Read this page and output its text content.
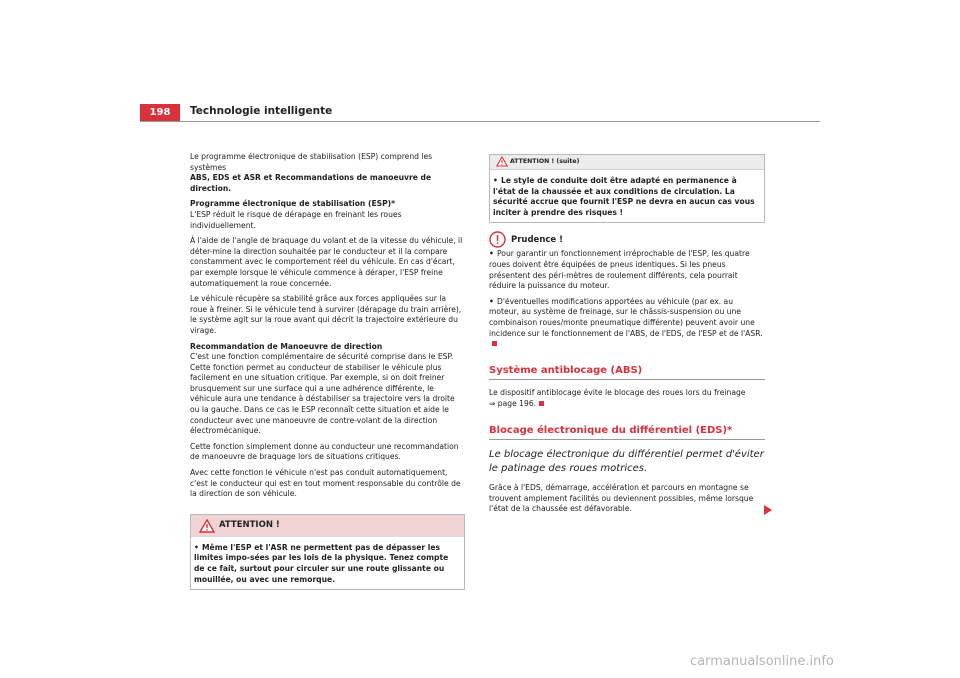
198	Technologie intelligente

Le programme électronique de stabilisation (ESP) comprend les systèmes
ABS, EDS et ASR et Recommandations de manoeuvre de direction.

Programme électronique de stabilisation (ESP)*

L'ESP réduit le risque de dérapage en freinant les roues individuellement.

À l'aide de l'angle de braquage du volant et de la vitesse du véhicule, il déter-mine la direction souhaitée par le conducteur et il la compare constamment avec le comportement réel du véhicule. En cas d'écart, par exemple lorsque le véhicule commence à déraper, l'ESP freine automatiquement la roue concernée.

Le véhicule récupère sa stabilité grâce aux forces appliquées sur la roue à freiner. Si le véhicule tend à survirer (dérapage du train arrière), le système agit sur la roue avant qui décrit la trajectoire extérieure du virage.

Recommandation de Manoeuvre de direction

C'est une fonction complémentaire de sécurité comprise dans le ESP. Cette fonction permet au conducteur de stabiliser le véhicule plus facilement en une situation critique. Par exemple, si on doit freiner brusquement sur une surface qui a une adhérence différente, le véhicule aura une tendance à déstabiliser sa trajectoire vers la droite ou la gauche. Dans ce cas le ESP reconnaît cette situation et aide le conducteur avec une manoeuvre de contre-volant de la direction électromécanique.

Cette fonction simplement donne au conducteur une recommandation de manoeuvre de braquage lors de situations critiques.

Avec cette fonction le véhicule n'est pas conduit automatiquement, c'est le conducteur qui est en tout moment responsable du contrôle de la direction de son véhicule.

ATTENTION !
• Même l'ESP et l'ASR ne permettent pas de dépasser les limites impo-sées par les lois de la physique. Tenez compte de ce fait, surtout pour circuler sur une route glissante ou mouillée, ou avec une remorque.
ATTENTION ! (suite)
• Le style de conduite doit être adapté en permanence à l'état de la chaussée et aux conditions de circulation. La sécurité accrue que fournit l'ESP ne devra en aucun cas vous inciter à prendre des risques !
Prudence !

• Pour garantir un fonctionnement irréprochable de l'ESP, les quatre roues doivent être équipées de pneus identiques. Si les pneus présentent des péri-mètres de roulement différents, cela pourrait réduire la puissance du moteur.

• D'éventuelles modifications apportées au véhicule (par ex. au moteur, au système de freinage, sur le châssis-suspension ou une combinaison roues/monte pneumatique différente) peuvent avoir une incidence sur le fonctionnement de l'ABS, de l'EDS, de l'ESP et de l'ASR.

Système antiblocage (ABS)

Le dispositif antiblocage évite le blocage des roues lors du freinage
⇒ page 196.

Blocage électronique du différentiel (EDS)*
Le blocage électronique du différentiel permet d'éviter le patinage des roues motrices.

Grâce à l'EDS, démarrage, accélération et parcours en montagne se trouvent amplement facilités ou deviennent possibles, même lorsque l'état de la chaussée est défavorable.

carmanualsonline.info
